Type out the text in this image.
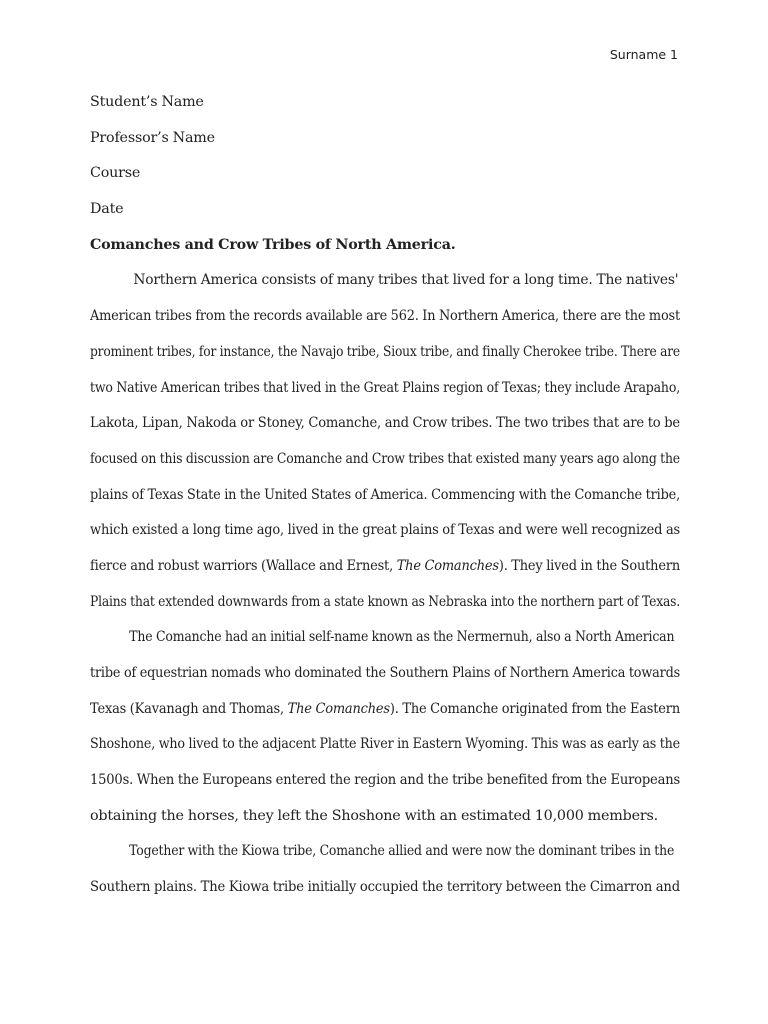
Surname 1
Student’s Name
Professor’s Name
Course
Date
Comanches and Crow Tribes of North America.
Northern America consists of many tribes that lived for a long time. The natives'
American tribes from the records available are 562. In Northern America, there are the most
prominent tribes, for instance, the Navajo tribe, Sioux tribe, and finally Cherokee tribe. There are
two Native American tribes that lived in the Great Plains region of Texas; they include Arapaho,
Lakota, Lipan, Nakoda or Stoney, Comanche, and Crow tribes. The two tribes that are to be
focused on this discussion are Comanche and Crow tribes that existed many years ago along the
plains of Texas State in the United States of America. Commencing with the Comanche tribe,
which existed a long time ago, lived in the great plains of Texas and were well recognized as
fierce and robust warriors (Wallace and Ernest, The Comanches). They lived in the Southern
Plains that extended downwards from a state known as Nebraska into the northern part of Texas.
The Comanche had an initial self-name known as the Nermernuh, also a North American
tribe of equestrian nomads who dominated the Southern Plains of Northern America towards
Texas (Kavanagh and Thomas, The Comanches). The Comanche originated from the Eastern
Shoshone, who lived to the adjacent Platte River in Eastern Wyoming. This was as early as the
1500s. When the Europeans entered the region and the tribe benefited from the Europeans
obtaining the horses, they left the Shoshone with an estimated 10,000 members.
Together with the Kiowa tribe, Comanche allied and were now the dominant tribes in the
Southern plains. The Kiowa tribe initially occupied the territory between the Cimarron and
